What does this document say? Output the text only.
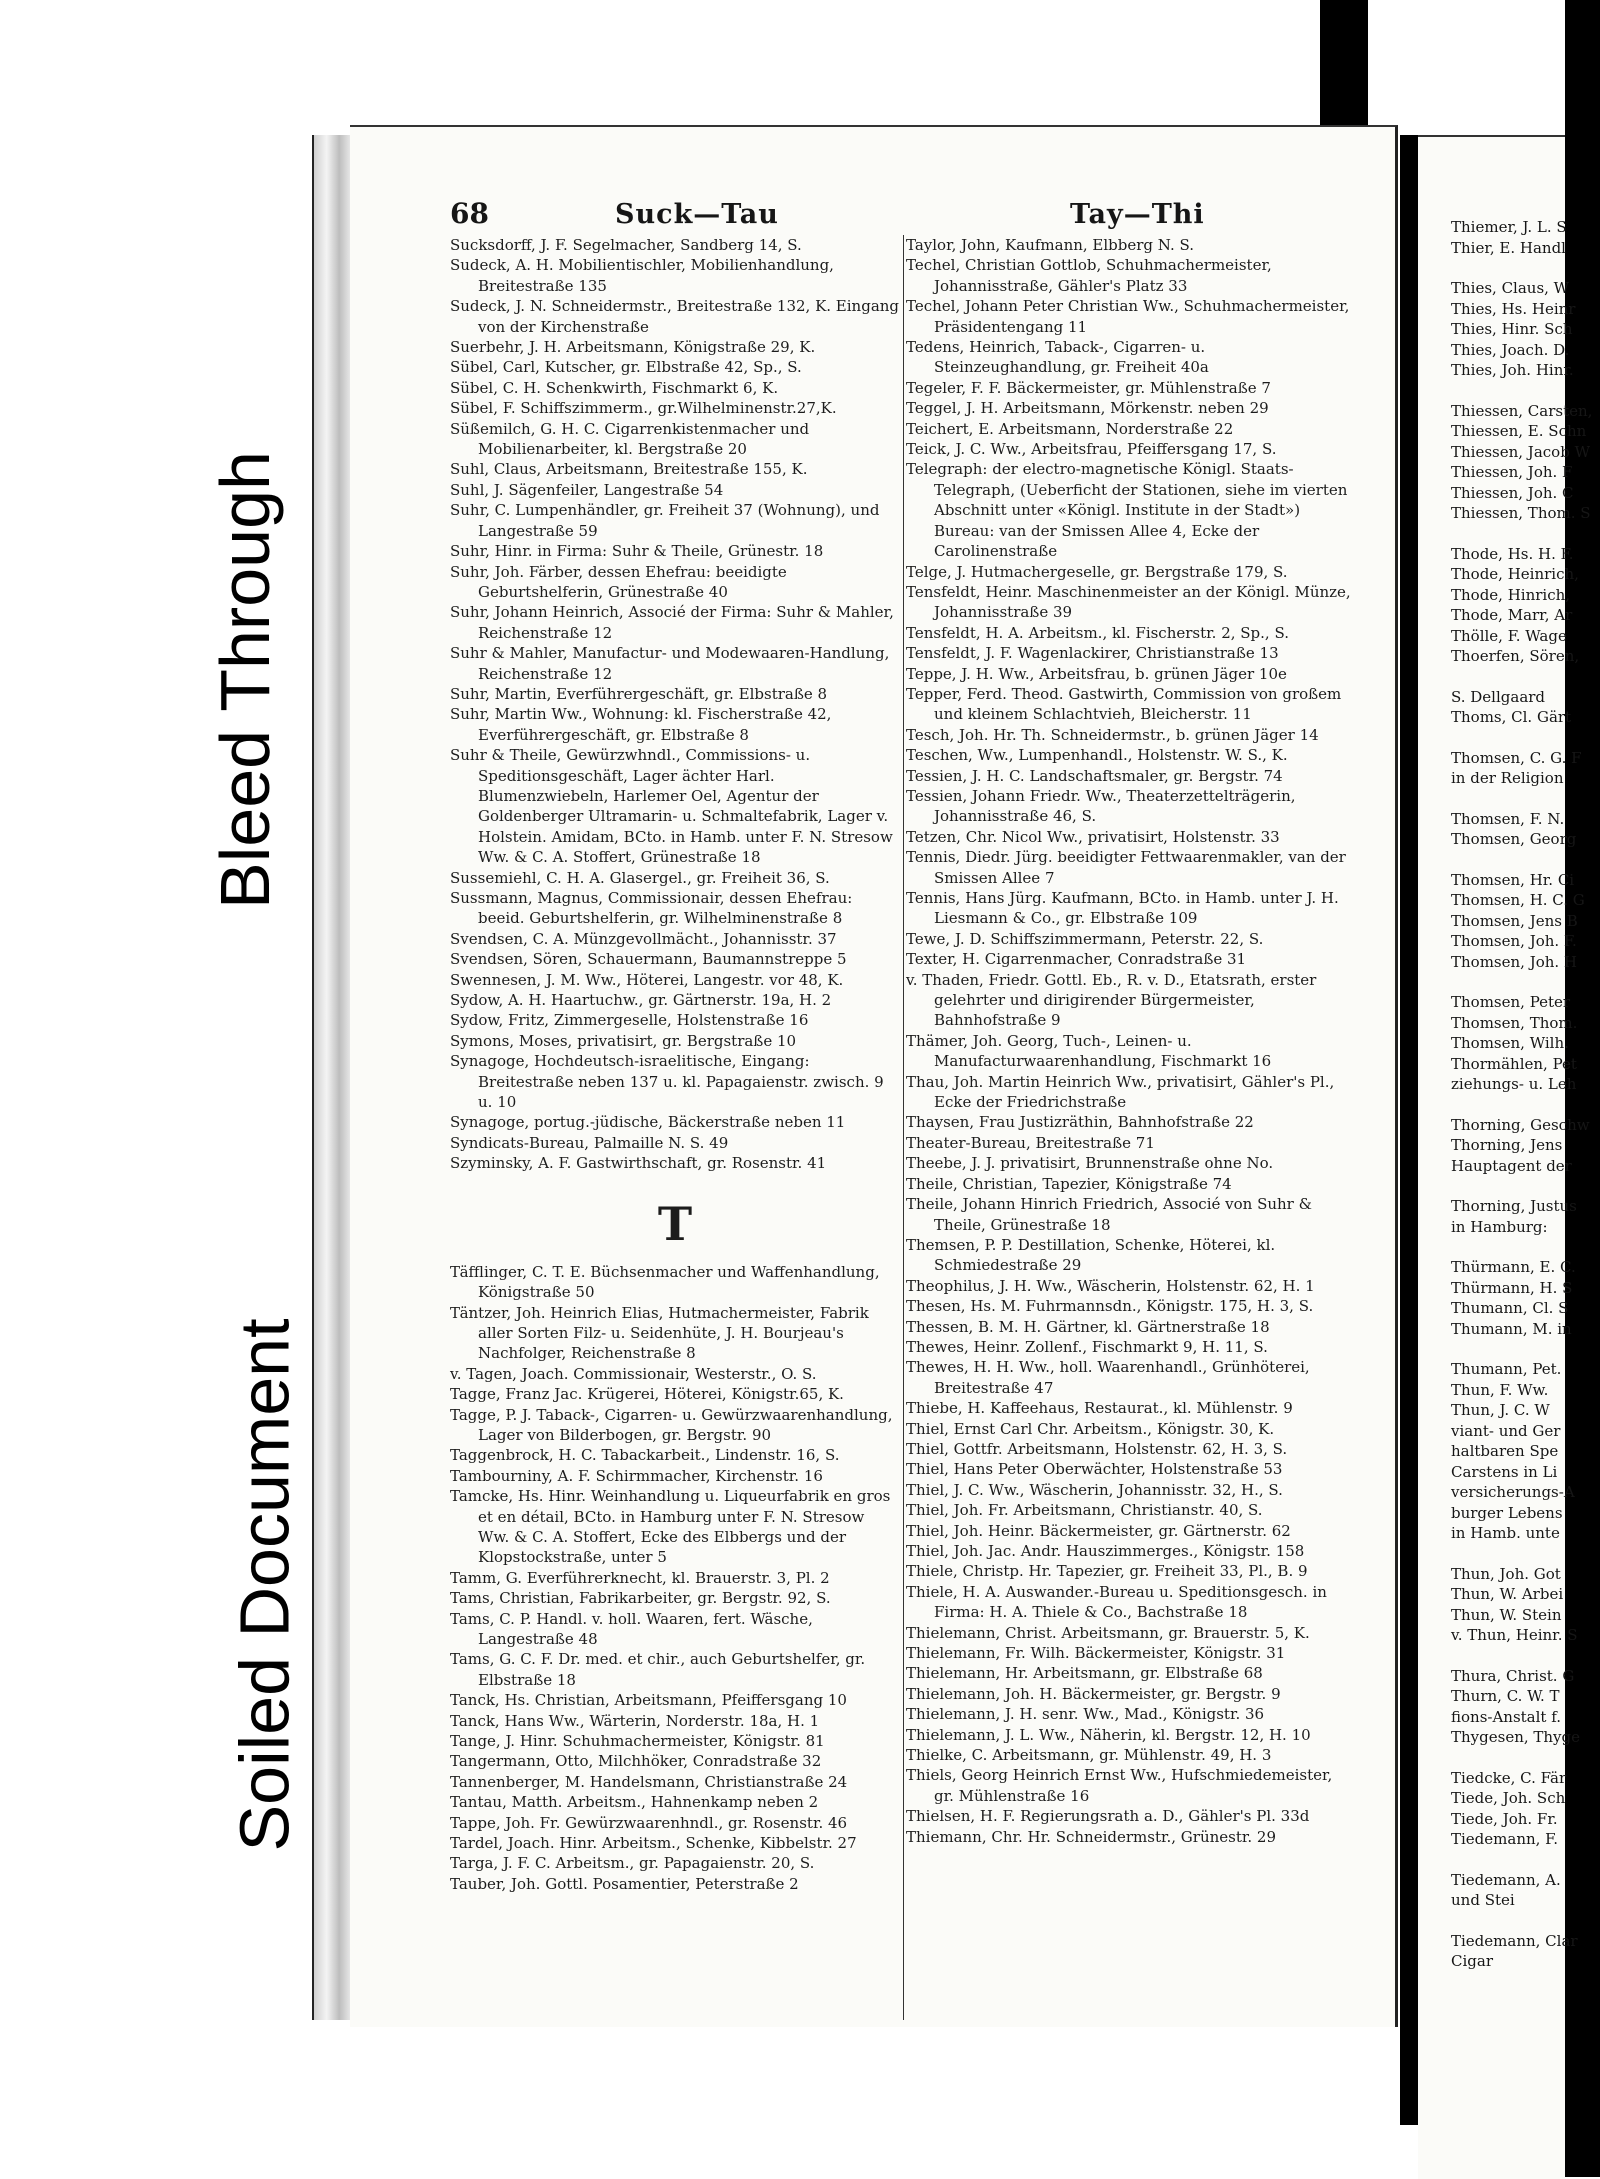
Bleed Through
Soiled Document
68	Suck—Tau	Tay—Thi
Sucksdorff, J. F. Segelmacher, Sandberg 14, S.
Sudeck, A. H. Mobilientischler, Mobilienhandlung, Breitestraße 135
Sudeck, J. N. Schneidermstr., Breitestraße 132, K. Eingang von der Kirchenstraße
Suerbehr, J. H. Arbeitsmann, Königstraße 29, K.
Sübel, Carl, Kutscher, gr. Elbstraße 42, Sp., S.
Sübel, C. H. Schenkwirth, Fischmarkt 6, K.
Sübel, F. Schiffszimmerm., gr.Wilhelminenstr.27,K.
Süßemilch, G. H. C. Cigarrenkistenmacher und Mobilienarbeiter, kl. Bergstraße 20
Suhl, Claus, Arbeitsmann, Breitestraße 155, K.
Suhl, J. Sägenfeiler, Langestraße 54
Suhr, C. Lumpenhändler, gr. Freiheit 37 (Wohnung), und Langestraße 59
Suhr, Hinr. in Firma: Suhr & Theile, Grünestr. 18
Suhr, Joh. Färber, dessen Ehefrau: beeidigte Geburtshelferin, Grünestraße 40
Suhr, Johann Heinrich, Associé der Firma: Suhr & Mahler, Reichenstraße 12
Suhr & Mahler, Manufactur- und Modewaaren-Handlung, Reichenstraße 12
Suhr, Martin, Everführergeschäft, gr. Elbstraße 8
Suhr, Martin Ww., Wohnung: kl. Fischerstraße 42, Everführergeschäft, gr. Elbstraße 8
Suhr & Theile, Gewürzwhndl., Commissions- u. Speditionsgeschäft, Lager ächter Harl. Blumenzwiebeln, Harlemer Oel, Agentur der Goldenberger Ultramarin- u. Schmaltefabrik, Lager v. Holstein. Amidam, BCto. in Hamb. unter F. N. Stresow Ww. & C. A. Stoffert, Grünestraße 18
Sussemiehl, C. H. A. Glasergel., gr. Freiheit 36, S.
Sussmann, Magnus, Commissionair, dessen Ehefrau: beeid. Geburtshelferin, gr. Wilhelminenstraße 8
Svendsen, C. A. Münzgevollmächt., Johannisstr. 37
Svendsen, Sören, Schauermann, Baumannstreppe 5
Swennesen, J. M. Ww., Höterei, Langestr. vor 48, K.
Sydow, A. H. Haartuchw., gr. Gärtnerstr. 19a, H. 2
Sydow, Fritz, Zimmergeselle, Holstenstraße 16
Symons, Moses, privatisirt, gr. Bergstraße 10
Synagoge, Hochdeutsch-israelitische, Eingang: Breitestraße neben 137 u. kl. Papagaienstr. zwisch. 9 u. 10
Synagoge, portug.-jüdische, Bäckerstraße neben 11
Syndicats-Bureau, Palmaille N. S. 49
Szyminsky, A. F. Gastwirthschaft, gr. Rosenstr. 41
T
Täfflinger, C. T. E. Büchsenmacher und Waffenhandlung, Königstraße 50
Täntzer, Joh. Heinrich Elias, Hutmachermeister, Fabrik aller Sorten Filz- u. Seidenhüte, J. H. Bourjeau's Nachfolger, Reichenstraße 8
v. Tagen, Joach. Commissionair, Westerstr., O. S.
Tagge, Franz Jac. Krügerei, Höterei, Königstr.65, K.
Tagge, P. J. Taback-, Cigarren- u. Gewürzwaarenhandlung, Lager von Bilderbogen, gr. Bergstr. 90
Taggenbrock, H. C. Tabackarbeit., Lindenstr. 16, S.
Tambourniny, A. F. Schirmmacher, Kirchenstr. 16
Tamcke, Hs. Hinr. Weinhandlung u. Liqueurfabrik en gros et en détail, BCto. in Hamburg unter F. N. Stresow Ww. & C. A. Stoffert, Ecke des Elbbergs und der Klopstockstraße, unter 5
Tamm, G. Everführerknecht, kl. Brauerstr. 3, Pl. 2
Tams, Christian, Fabrikarbeiter, gr. Bergstr. 92, S.
Tams, C. P. Handl. v. holl. Waaren, fert. Wäsche, Langestraße 48
Tams, G. C. F. Dr. med. et chir., auch Geburtshelfer, gr. Elbstraße 18
Tanck, Hs. Christian, Arbeitsmann, Pfeiffersgang 10
Tanck, Hans Ww., Wärterin, Norderstr. 18a, H. 1
Tange, J. Hinr. Schuhmachermeister, Königstr. 81
Tangermann, Otto, Milchhöker, Conradstraße 32
Tannenberger, M. Handelsmann, Christianstraße 24
Tantau, Matth. Arbeitsm., Hahnenkamp neben 2
Tappe, Joh. Fr. Gewürzwaarenhndl., gr. Rosenstr. 46
Tardel, Joach. Hinr. Arbeitsm., Schenke, Kibbelstr. 27
Targa, J. F. C. Arbeitsm., gr. Papagaienstr. 20, S.
Tauber, Joh. Gottl. Posamentier, Peterstraße 2
Taylor, John, Kaufmann, Elbberg N. S.
Techel, Christian Gottlob, Schuhmachermeister, Johannisstraße, Gähler's Platz 33
Techel, Johann Peter Christian Ww., Schuhmachermeister, Präsidentengang 11
Tedens, Heinrich, Taback-, Cigarren- u. Steinzeughandlung, gr. Freiheit 40a
Tegeler, F. F. Bäckermeister, gr. Mühlenstraße 7
Teggel, J. H. Arbeitsmann, Mörkenstr. neben 29
Teichert, E. Arbeitsmann, Norderstraße 22
Teick, J. C. Ww., Arbeitsfrau, Pfeiffersgang 17, S.
Telegraph: der electro-magnetische Königl. Staats-Telegraph, (Ueberficht der Stationen, siehe im vierten Abschnitt unter «Königl. Institute in der Stadt») Bureau: van der Smissen Allee 4, Ecke der Carolinenstraße
Telge, J. Hutmachergeselle, gr. Bergstraße 179, S.
Tensfeldt, Heinr. Maschinenmeister an der Königl. Münze, Johannisstraße 39
Tensfeldt, H. A. Arbeitsm., kl. Fischerstr. 2, Sp., S.
Tensfeldt, J. F. Wagenlackirer, Christianstraße 13
Teppe, J. H. Ww., Arbeitsfrau, b. grünen Jäger 10e
Tepper, Ferd. Theod. Gastwirth, Commission von großem und kleinem Schlachtvieh, Bleicherstr. 11
Tesch, Joh. Hr. Th. Schneidermstr., b. grünen Jäger 14
Teschen, Ww., Lumpenhandl., Holstenstr. W. S., K.
Tessien, J. H. C. Landschaftsmaler, gr. Bergstr. 74
Tessien, Johann Friedr. Ww., Theaterzettelträgerin, Johannisstraße 46, S.
Tetzen, Chr. Nicol Ww., privatisirt, Holstenstr. 33
Tennis, Diedr. Jürg. beeidigter Fettwaarenmakler, van der Smissen Allee 7
Tennis, Hans Jürg. Kaufmann, BCto. in Hamb. unter J. H. Liesmann & Co., gr. Elbstraße 109
Tewe, J. D. Schiffszimmermann, Peterstr. 22, S.
Texter, H. Cigarrenmacher, Conradstraße 31
v. Thaden, Friedr. Gottl. Eb., R. v. D., Etatsrath, erster gelehrter und dirigirender Bürgermeister, Bahnhofstraße 9
Thämer, Joh. Georg, Tuch-, Leinen- u. Manufacturwaarenhandlung, Fischmarkt 16
Thau, Joh. Martin Heinrich Ww., privatisirt, Gähler's Pl., Ecke der Friedrichstraße
Thaysen, Frau Justizräthin, Bahnhofstraße 22
Theater-Bureau, Breitestraße 71
Theebe, J. J. privatisirt, Brunnenstraße ohne No.
Theile, Christian, Tapezier, Königstraße 74
Theile, Johann Hinrich Friedrich, Associé von Suhr & Theile, Grünestraße 18
Themsen, P. P. Destillation, Schenke, Höterei, kl. Schmiedestraße 29
Theophilus, J. H. Ww., Wäscherin, Holstenstr. 62, H. 1
Thesen, Hs. M. Fuhrmannsdn., Königstr. 175, H. 3, S.
Thessen, B. M. H. Gärtner, kl. Gärtnerstraße 18
Thewes, Heinr. Zollenf., Fischmarkt 9, H. 11, S.
Thewes, H. H. Ww., holl. Waarenhandl., Grünhöterei, Breitestraße 47
Thiebe, H. Kaffeehaus, Restaurat., kl. Mühlenstr. 9
Thiel, Ernst Carl Chr. Arbeitsm., Königstr. 30, K.
Thiel, Gottfr. Arbeitsmann, Holstenstr. 62, H. 3, S.
Thiel, Hans Peter Oberwächter, Holstenstraße 53
Thiel, J. C. Ww., Wäscherin, Johannisstr. 32, H., S.
Thiel, Joh. Fr. Arbeitsmann, Christianstr. 40, S.
Thiel, Joh. Heinr. Bäckermeister, gr. Gärtnerstr. 62
Thiel, Joh. Jac. Andr. Hauszimmerges., Königstr. 158
Thiele, Christp. Hr. Tapezier, gr. Freiheit 33, Pl., B. 9
Thiele, H. A. Auswander.-Bureau u. Speditionsgesch. in Firma: H. A. Thiele & Co., Bachstraße 18
Thielemann, Christ. Arbeitsmann, gr. Brauerstr. 5, K.
Thielemann, Fr. Wilh. Bäckermeister, Königstr. 31
Thielemann, Hr. Arbeitsmann, gr. Elbstraße 68
Thielemann, Joh. H. Bäckermeister, gr. Bergstr. 9
Thielemann, J. H. senr. Ww., Mad., Königstr. 36
Thielemann, J. L. Ww., Näherin, kl. Bergstr. 12, H. 10
Thielke, C. Arbeitsmann, gr. Mühlenstr. 49, H. 3
Thiels, Georg Heinrich Ernst Ww., Hufschmiedemeister, gr. Mühlenstraße 16
Thielsen, H. F. Regierungsrath a. D., Gähler's Pl. 33d
Thiemann, Chr. Hr. Schneidermstr., Grünestr. 29
Thiemer, J. L. S
Thier, E. Handl
Thies, Claus, W
Thies, Hs. Heinr
Thies, Hinr. Sch
Thies, Joach. D.
Thies, Joh. Hinr.
Thiessen, Carsten,
Thiessen, E. Schn
Thiessen, Jacob W
Thiessen, Joh. F
Thiessen, Joh. C
Thiessen, Thom. S
Thode, Hs. H. F.
Thode, Heinrich,
Thode, Hinrich,
Thode, Marr, Ar
Thölle, F. Wage
Thoerfen, Sören,
S. Dellgaard
Thoms, Cl. Gärt
Thomsen, C. G. F
in der Religion
Thomsen, F. N.
Thomsen, Georg
Thomsen, Hr. Ci
Thomsen, H. C. G
Thomsen, Jens B
Thomsen, Joh. F.
Thomsen, Joh. H
Thomsen, Peter
Thomsen, Thom.
Thomsen, Wilh.
Thormählen, Pet
ziehungs- u. Leh
Thorning, Geschw
Thorning, Jens
Hauptagent der
Thorning, Justus
in Hamburg:
Thürmann, E. C.
Thürmann, H. S
Thumann, Cl. S
Thumann, M. in
Thumann, Pet.
Thun, F. Ww.
Thun, J. C. W
viant- und Ger
haltbaren Spe
Carstens in Li
versicherungs-A
burger Lebens
in Hamb. unte
Thun, Joh. Got
Thun, W. Arbei
Thun, W. Stein
v. Thun, Heinr. S
Thura, Christ. G
Thurn, C. W. T
fions-Anstalt f.
Thygesen, Thyge
Tiedcke, C. Fär
Tiede, Joh. Sch
Tiede, Joh. Fr.
Tiedemann, F.
Tiedemann, A.
und Stei
Tiedemann, Clar
Cigar
